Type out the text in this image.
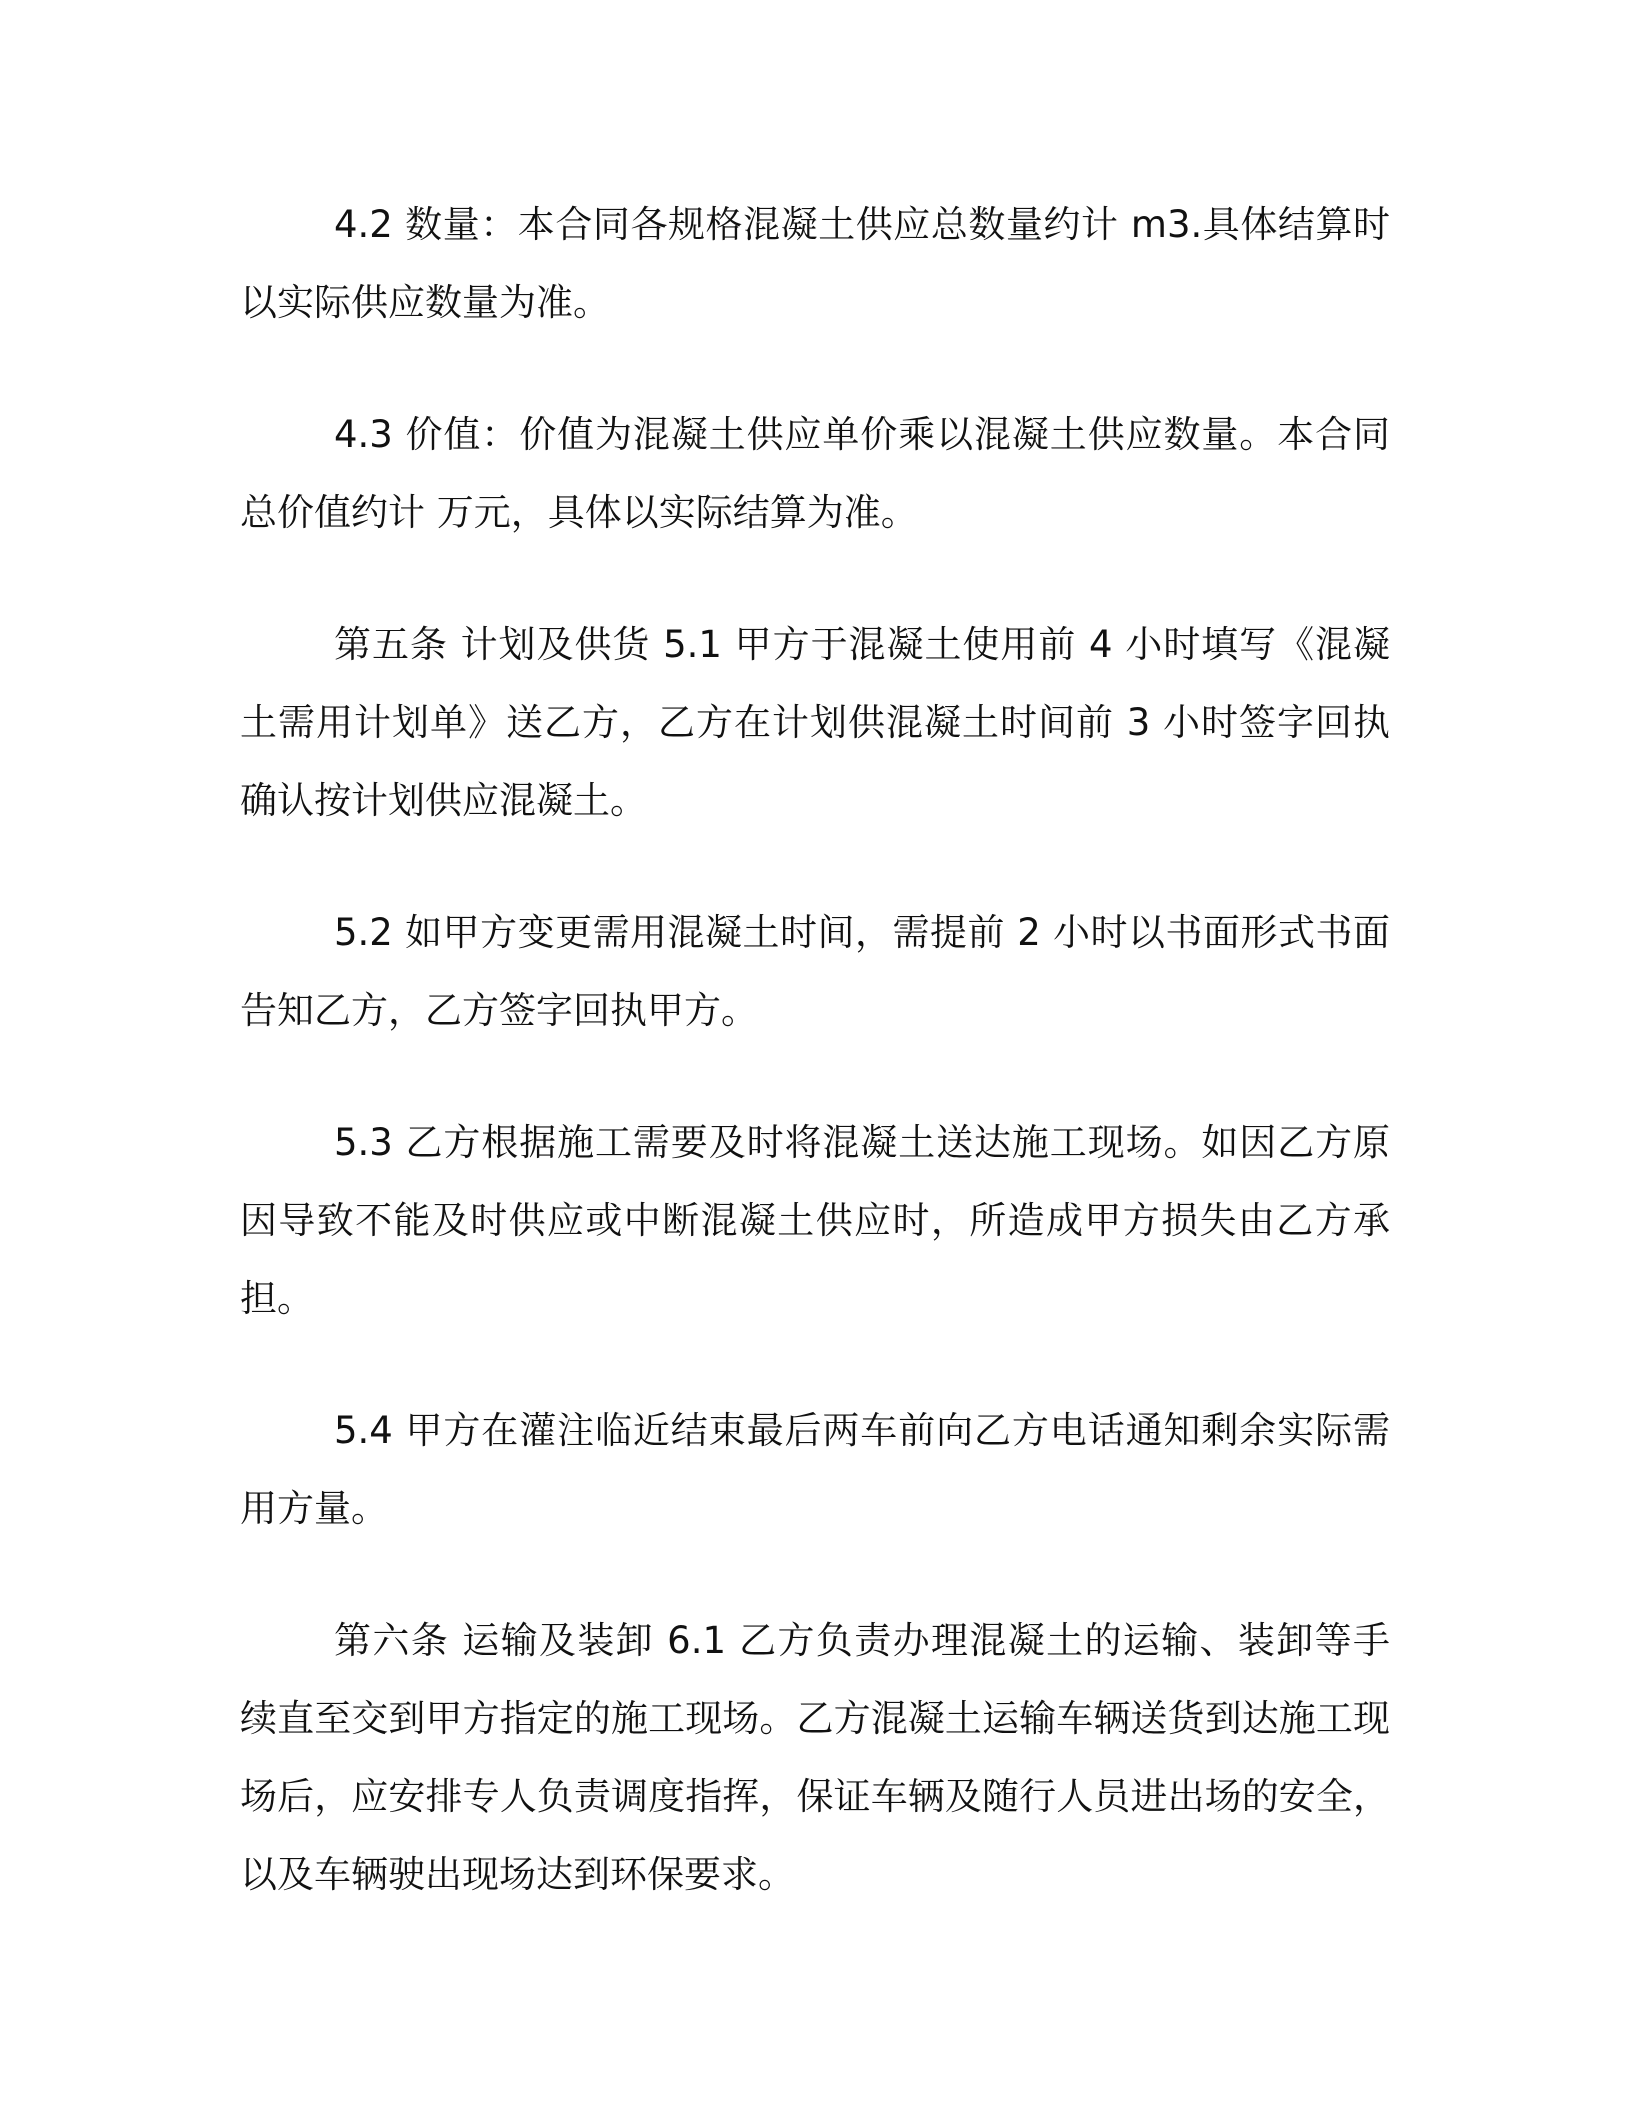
4.2 数量：本合同各规格混凝土供应总数量约计 m3.具体结算时以实际供应数量为准。

4.3 价值：价值为混凝土供应单价乘以混凝土供应数量。本合同总价值约计 万元，具体以实际结算为准。

第五条 计划及供货 5.1 甲方于混凝土使用前 4 小时填写《混凝土需用计划单》送乙方，乙方在计划供混凝土时间前 3 小时签字回执确认按计划供应混凝土。

5.2 如甲方变更需用混凝土时间，需提前 2 小时以书面形式书面告知乙方，乙方签字回执甲方。

5.3 乙方根据施工需要及时将混凝土送达施工现场。如因乙方原因导致不能及时供应或中断混凝土供应时，所造成甲方损失由乙方承担。

5.4 甲方在灌注临近结束最后两车前向乙方电话通知剩余实际需用方量。

第六条 运输及装卸 6.1 乙方负责办理混凝土的运输、装卸等手续直至交到甲方指定的施工现场。乙方混凝土运输车辆送货到达施工现场后，应安排专人负责调度指挥，保证车辆及随行人员进出场的安全，以及车辆驶出现场达到环保要求。
